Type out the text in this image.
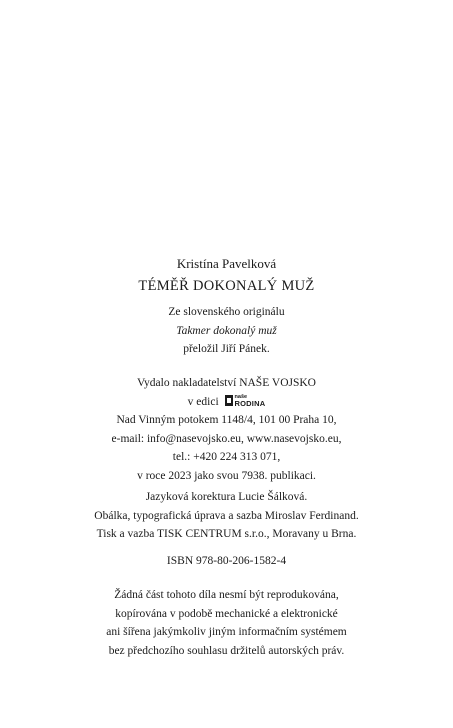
Kristína Pavelková
TÉMĚŘ DOKONALÝ MUŽ
Ze slovenského originálu
Takmer dokonalý muž
přeložil Jiří Pánek.
Vydalo nakladatelství NAŠE VOJSKO
v edici	naše
RODINA
Nad Vinným potokem 1148/4, 101 00 Praha 10,
e-mail: info@nasevojsko.eu, www.nasevojsko.eu,
tel.: +420 224 313 071,
v roce 2023 jako svou 7938. publikaci.
Jazyková korektura Lucie Šálková.
Obálka, typografická úprava a sazba Miroslav Ferdinand.
Tisk a vazba TISK CENTRUM s.r.o., Moravany u Brna.
ISBN 978-80-206-1582-4
Žádná část tohoto díla nesmí být reprodukována,
kopírována v podobě mechanické a elektronické
ani šířena jakýmkoliv jiným informačním systémem
bez předchozího souhlasu držitelů autorských práv.
